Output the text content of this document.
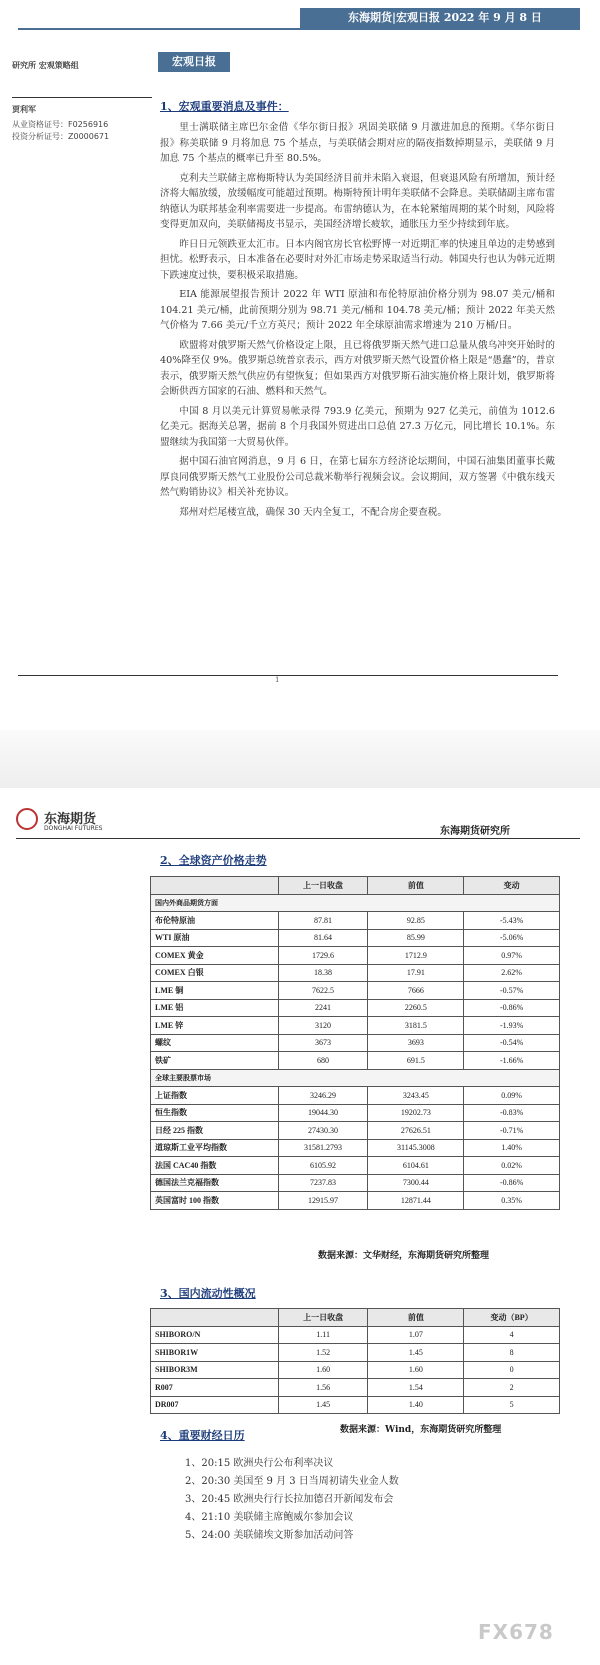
东海期货|宏观日报 2022 年 9 月 8 日
研究所 宏观策略组
贾利军
从业资格证号：F0256916
投资分析证号：Z0000671
宏观日报
1、宏观重要消息及事件：

里士满联储主席巴尔金借《华尔街日报》巩固美联储 9 月激进加息的预期。《华尔街日报》称美联储 9 月将加息 75 个基点，与美联储会期对应的隔夜指数掉期显示，美联储 9 月加息 75 个基点的概率已升至 80.5%。

克利夫兰联储主席梅斯特认为美国经济目前并未陷入衰退，但衰退风险有所增加，预计经济将大幅放缓，放缓幅度可能超过预期。梅斯特预计明年美联储不会降息。美联储副主席布雷纳德认为联邦基金利率需要进一步提高。布雷纳德认为，在本轮紧缩周期的某个时刻，风险将变得更加双向，美联储褐皮书显示，美国经济增长疲软，通胀压力至少持续到年底。

昨日日元领跌亚太汇市。日本内阁官房长官松野博一对近期汇率的快速且单边的走势感到担忧。松野表示，日本准备在必要时对外汇市场走势采取适当行动。韩国央行也认为韩元近期下跌速度过快，要积极采取措施。

EIA 能源展望报告预计 2022 年 WTI 原油和布伦特原油价格分别为 98.07 美元/桶和 104.21 美元/桶，此前预期分别为 98.71 美元/桶和 104.78 美元/桶；预计 2022 年美天然气价格为 7.66 美元/千立方英尺；预计 2022 年全球原油需求增速为 210 万桶/日。

欧盟将对俄罗斯天然气价格设定上限，且已将俄罗斯天然气进口总量从俄乌冲突开始时的 40%降至仅 9%。俄罗斯总统普京表示，西方对俄罗斯天然气设置价格上限是“愚蠢”的，普京表示，俄罗斯天然气供应仍有望恢复；但如果西方对俄罗斯石油实施价格上限计划，俄罗斯将会断供西方国家的石油、燃料和天然气。

中国 8 月以美元计算贸易帐录得 793.9 亿美元，预期为 927 亿美元，前值为 1012.6 亿美元。据海关总署，据前 8 个月我国外贸进出口总值 27.3 万亿元，同比增长 10.1%。东盟继续为我国第一大贸易伙伴。

据中国石油官网消息，9 月 6 日，在第七届东方经济论坛期间，中国石油集团董事长戴厚良同俄罗斯天然气工业股份公司总裁米勒举行视频会议。会议期间，双方签署《中俄东线天然气购销协议》相关补充协议。

郑州对烂尾楼宣战，确保 30 天内全复工，不配合房企要查税。

1
东海期货
DONGHAI FUTURES	东海期货研究所
2、全球资产价格走势
	上一日收盘	前值	变动
国内外商品期货方面			
布伦特原油	87.81	92.85	-5.43%
WTI 原油	81.64	85.99	-5.06%
COMEX 黄金	1729.6	1712.9	0.97%
COMEX 白银	18.38	17.91	2.62%
LME 铜	7622.5	7666	-0.57%
LME 铝	2241	2260.5	-0.86%
LME 锌	3120	3181.5	-1.93%
螺纹	3673	3693	-0.54%
铁矿	680	691.5	-1.66%
全球主要股票市场			
上证指数	3246.29	3243.45	0.09%
恒生指数	19044.30	19202.73	-0.83%
日经 225 指数	27430.30	27626.51	-0.71%
道琼斯工业平均指数	31581.2793	31145.3008	1.40%
法国 CAC40 指数	6105.92	6104.61	0.02%
德国法兰克福指数	7237.83	7300.44	-0.86%
英国富时 100 指数	12915.97	12871.44	0.35%
数据来源：文华财经，东海期货研究所整理
3、国内流动性概况
	上一日收盘	前值	变动（BP）
SHIBORO/N	1.11	1.07	4
SHIBOR1W	1.52	1.45	8
SHIBOR3M	1.60	1.60	0
R007	1.56	1.54	2
DR007	1.45	1.40	5
数据来源：Wind，东海期货研究所整理
4、重要财经日历
1、20:15 欧洲央行公布利率决议
2、20:30 美国至 9 月 3 日当周初请失业金人数
3、20:45 欧洲央行行长拉加德召开新闻发布会
4、21:10 美联储主席鲍威尔参加会议
5、24:00 美联储埃文斯参加活动问答
FX678
